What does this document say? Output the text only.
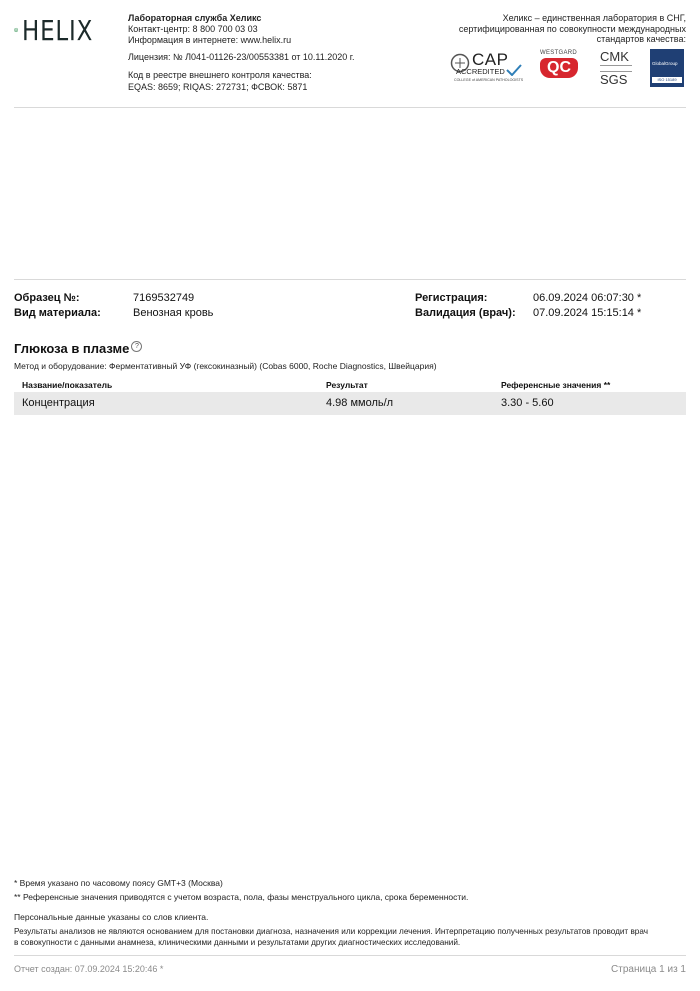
HELIX	Лабораторная служба Хеликс
Контакт-центр: 8 800 700 03 03
Информация в интернете: www.helix.ru
Лицензия: № Л041-01126-23/00553381 от 10.11.2020 г.
Код в реестре внешнего контроля качества:
EQAS: 8659; RIQAS: 272731; ФСВОК: 5871
Хеликс – единственная лаборатория в СНГ,
сертифицированная по совокупности международных
стандартов качества:
CAP
ACCREDITED
COLLEGE of AMERICAN PATHOLOGISTS
WESTGARD
QC
CMK
SGS
GlobalGroup
ISO 15189
Образец №:	7169532749
Вид материала:	Венозная кровь
Регистрация:	06.09.2024 06:07:30 *
Валидация (врач): 07.09.2024 15:15:14 *
Глюкоза в плазме ?
Метод и оборудование: Ферментативный УФ (гексокиназный) (Cobas 6000, Roche Diagnostics, Швейцария)
Название/показатель	Результат	Референсные значения **
Концентрация	4.98 ммоль/л	3.30 - 5.60
* Время указано по часовому поясу GMT+3 (Москва)
** Референсные значения приводятся с учетом возраста, пола, фазы менструального цикла, срока беременности.
Персональные данные указаны со слов клиента.
Результаты анализов не являются основанием для постановки диагноза, назначения или коррекции лечения. Интерпретацию полученных результатов проводит врач
в совокупности с данными анамнеза, клиническими данными и результатами других диагностических исследований.
Отчет создан: 07.09.2024 15:20:46 *	Страница 1 из 1
